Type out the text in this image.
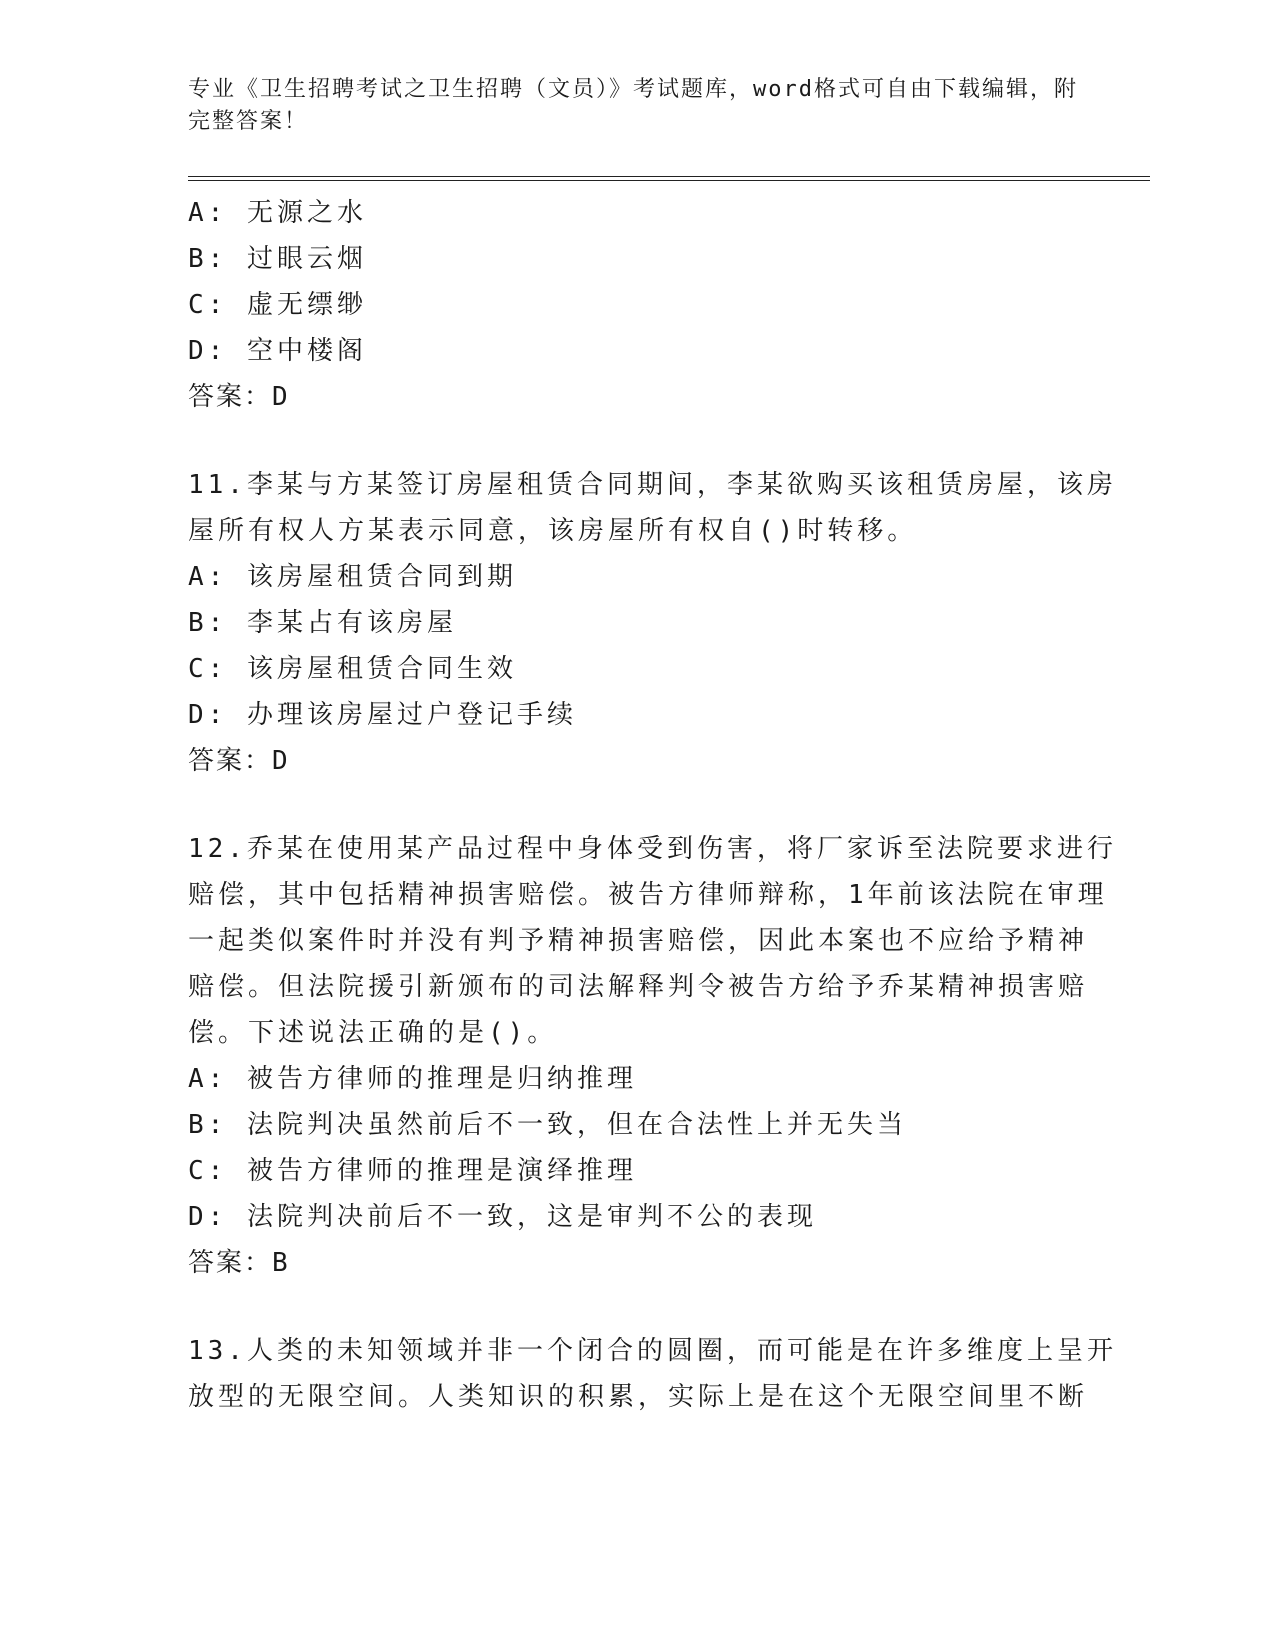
专业《卫生招聘考试之卫生招聘（文员）》考试题库，word格式可自由下载编辑，附完整答案！
A: 无源之水
B: 过眼云烟
C: 虚无缥缈
D: 空中楼阁
答案：D
11.李某与方某签订房屋租赁合同期间，李某欲购买该租赁房屋，该房
屋所有权人方某表示同意，该房屋所有权自()时转移。
A: 该房屋租赁合同到期
B: 李某占有该房屋
C: 该房屋租赁合同生效
D: 办理该房屋过户登记手续
答案：D
12.乔某在使用某产品过程中身体受到伤害，将厂家诉至法院要求进行
赔偿，其中包括精神损害赔偿。被告方律师辩称，1年前该法院在审理
一起类似案件时并没有判予精神损害赔偿，因此本案也不应给予精神
赔偿。但法院援引新颁布的司法解释判令被告方给予乔某精神损害赔
偿。下述说法正确的是()。
A: 被告方律师的推理是归纳推理
B: 法院判决虽然前后不一致，但在合法性上并无失当
C: 被告方律师的推理是演绎推理
D: 法院判决前后不一致，这是审判不公的表现
答案：B
13.人类的未知领域并非一个闭合的圆圈，而可能是在许多维度上呈开
放型的无限空间。人类知识的积累，实际上是在这个无限空间里不断
